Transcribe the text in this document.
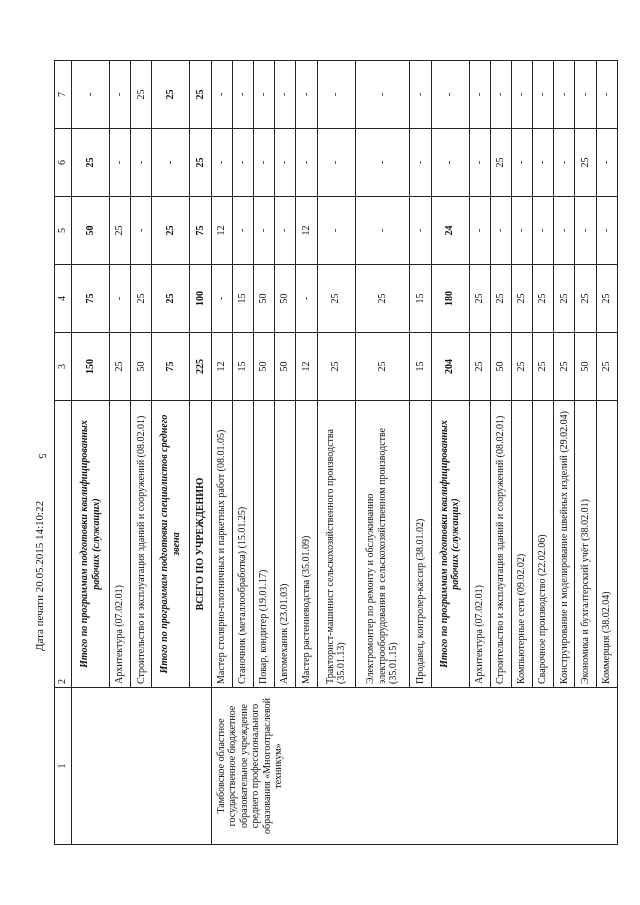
5
Дата печати 20.05.2015 14:10:22
1	2	3	4	5	6	7
	Итого по программам подготовки квалифицированных рабочих (служащих)	150	75	50	25	-
	Архитектура (07.02.01)	25	-	25	-	-
	Строительство и эксплуатация зданий и сооружений (08.02.01)	50	25	-	-	25
	Итого по программам подготовки специалистов среднего звена	75	25	25	-	25
	ВСЕГО ПО УЧРЕЖДЕНИЮ	225	100	75	25	25
Тамбовское областное государственное бюджетное образовательное учреждение среднего профессионального образования «Многоотраслевой техникум»	Мастер столярно-плотничных и паркетных работ (08.01.05)	12	-	12	-	-
	Станочник (металлообработка) (15.01.25)	15	15	-	-	-
	Повар, кондитер (19.01.17)	50	50	-	-	-
	Автомеханик (23.01.03)	50	50	-	-	-
	Мастер растениеводства (35.01.09)	12	-	12	-	-
	Тракторист-машинист сельскохозяйственного производства (35.01.13)	25	25	-	-	-
	Электромонтер по ремонту и обслуживанию электрооборудования в сельскохозяйственном производстве (35.01.15)	25	25	-	-	-
	Продавец, контролер-кассир (38.01.02)	15	15	-	-	-
	Итого по программам подготовки квалифицированных рабочих (служащих)	204	180	24	-	-
	Архитектура (07.02.01)	25	25	-	-	-
	Строительство и эксплуатация зданий и сооружений (08.02.01)	50	25	-	25	-
	Компьютерные сети (09.02.02)	25	25	-	-	-
	Сварочное производство (22.02.06)	25	25	-	-	-
	Конструирование и моделирование швейных изделий (29.02.04)	25	25	-	-	-
	Экономика и бухгалтерский учёт (38.02.01)	50	25	-	25	-
	Коммерция (38.02.04)	25	25	-	-	-
